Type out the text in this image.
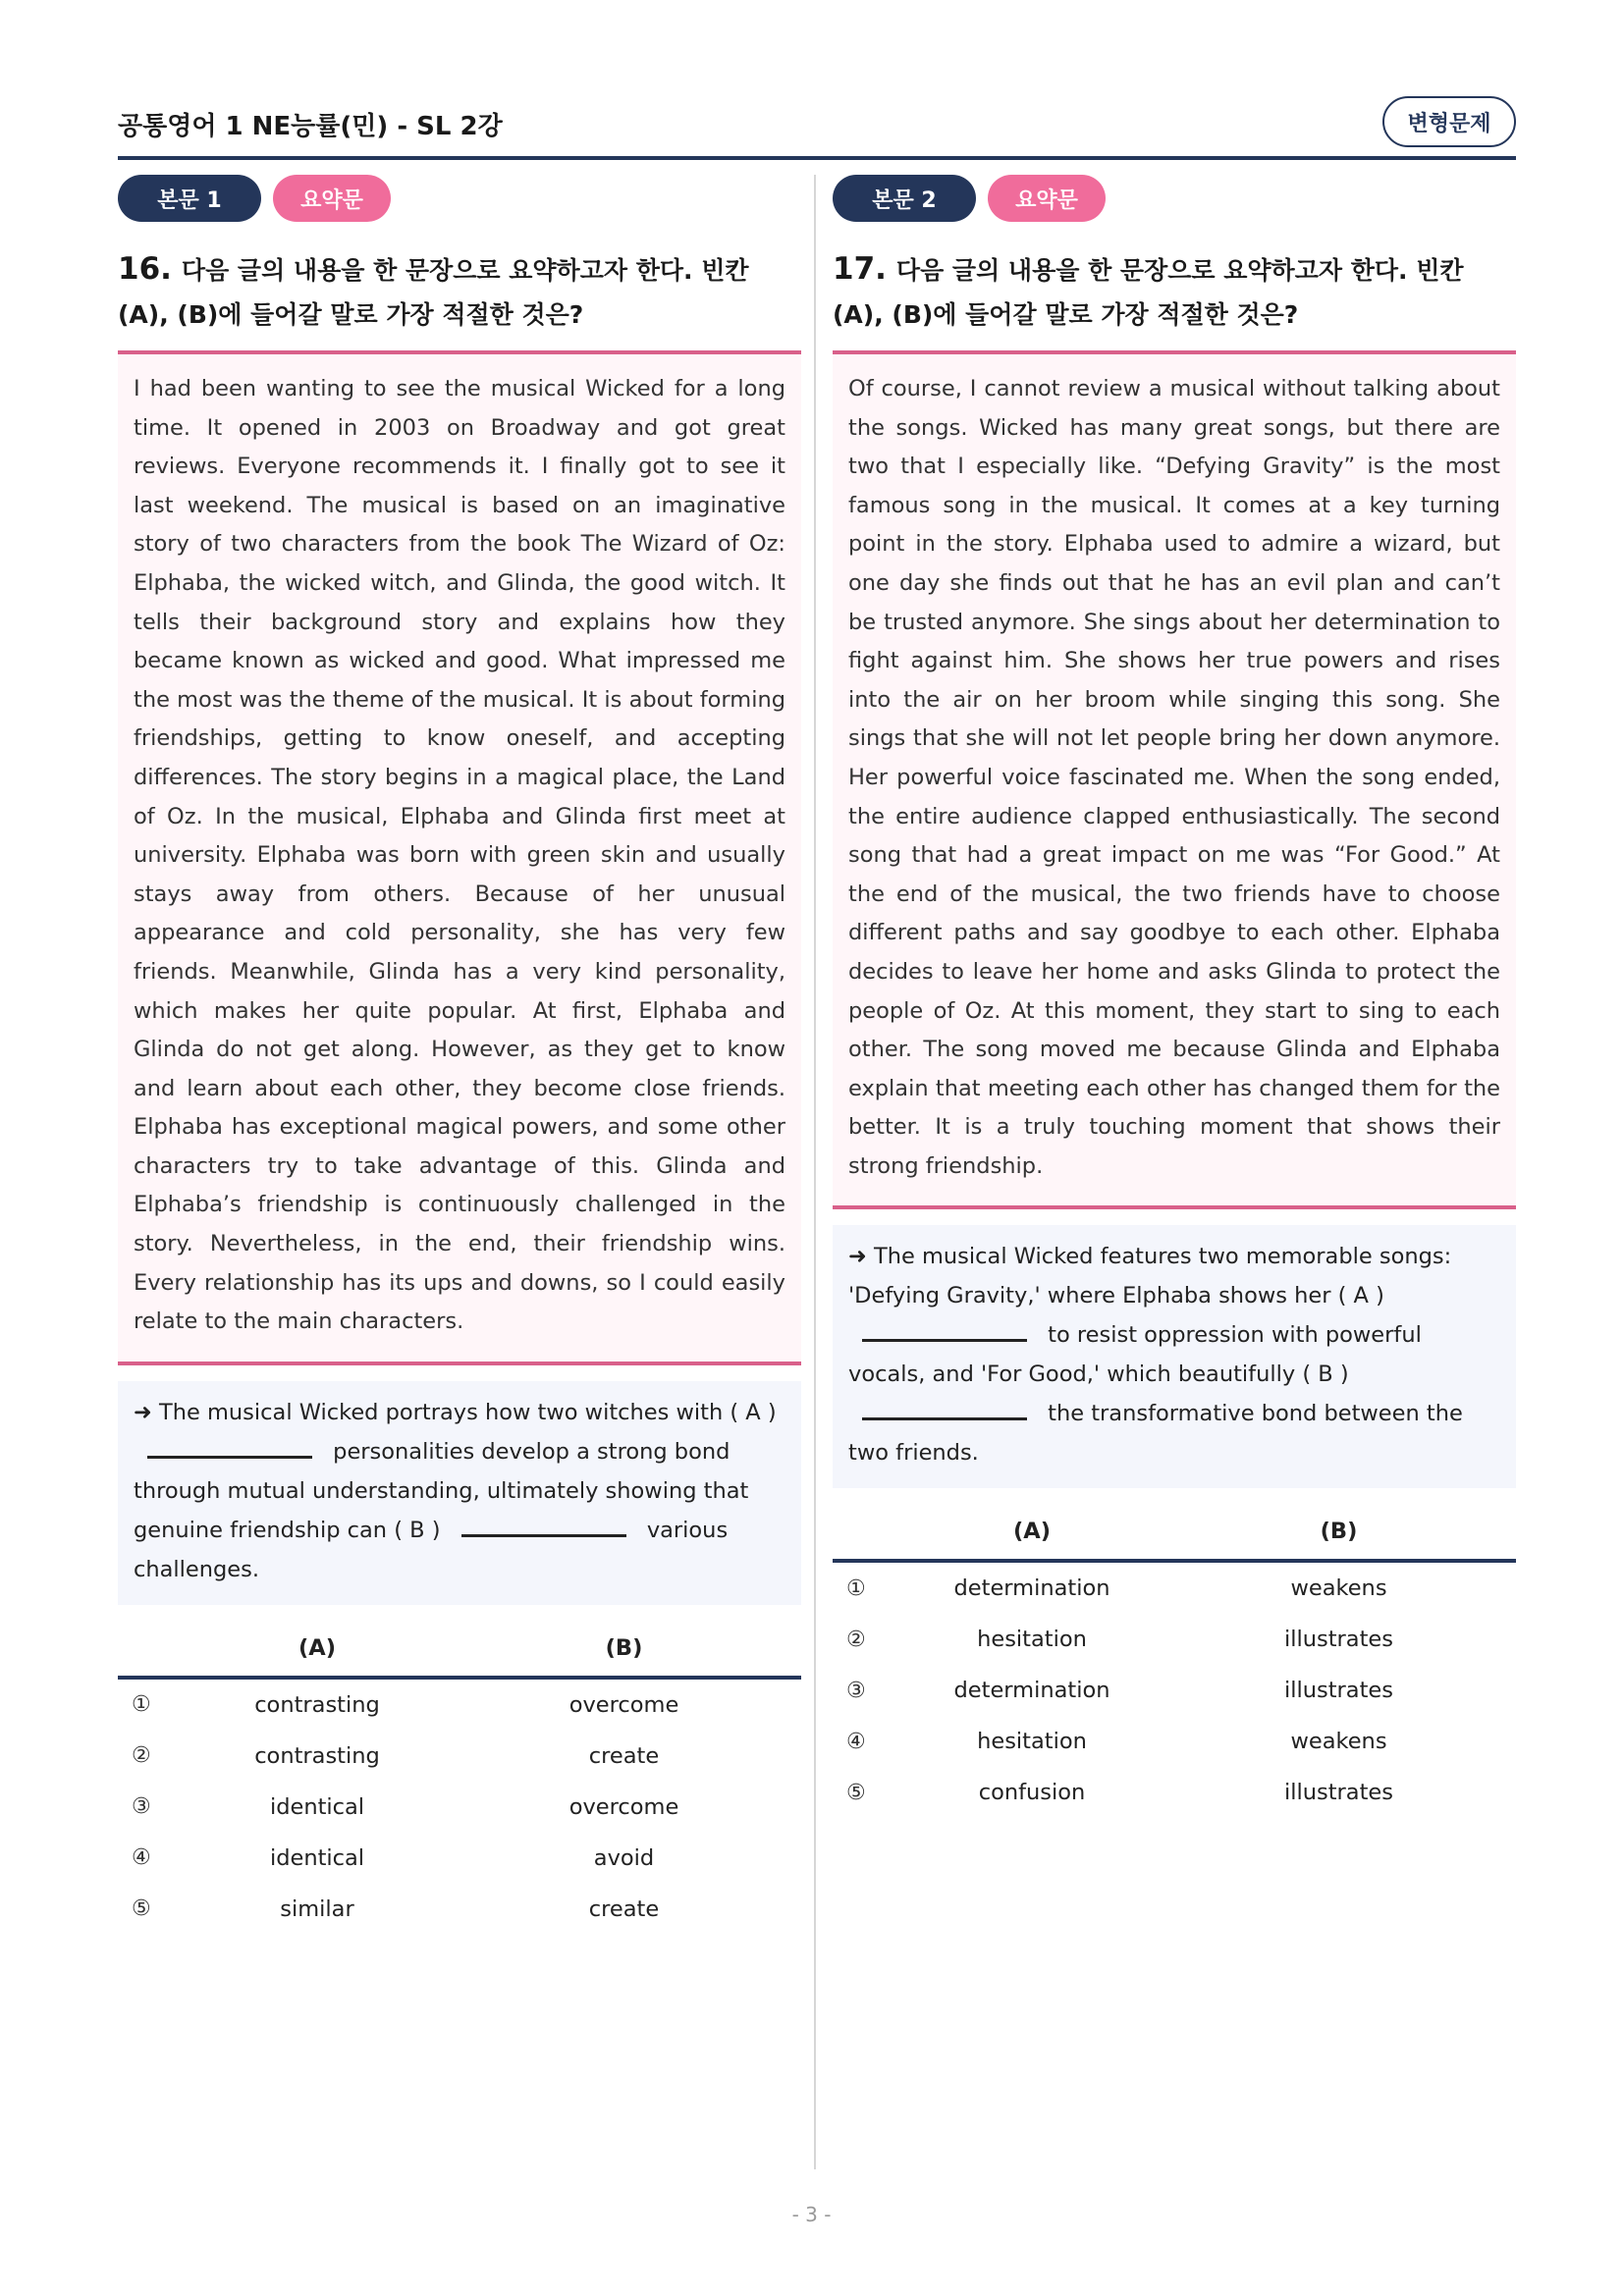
공통영어 1 NE능률(민) - SL 2강	변형문제
본문 1	요약문
16. 다음 글의 내용을 한 문장으로 요약하고자 한다. 빈칸 (A), (B)에 들어갈 말로 가장 적절한 것은?
I had been wanting to see the musical Wicked for a long time. It opened in 2003 on Broadway and got great reviews. Everyone recommends it. I finally got to see it last weekend. The musical is based on an imaginative story of two characters from the book The Wizard of Oz: Elphaba, the wicked witch, and Glinda, the good witch. It tells their background story and explains how they became known as wicked and good. What impressed me the most was the theme of the musical. It is about forming friendships, getting to know oneself, and accepting differences. The story begins in a magical place, the Land of Oz. In the musical, Elphaba and Glinda first meet at university. Elphaba was born with green skin and usually stays away from others. Because of her unusual appearance and cold personality, she has very few friends. Meanwhile, Glinda has a very kind personality, which makes her quite popular. At first, Elphaba and Glinda do not get along. However, as they get to know and learn about each other, they become close friends. Elphaba has exceptional magical powers, and some other characters try to take advantage of this. Glinda and Elphaba’s friendship is continuously challenged in the story. Nevertheless, in the end, their friendship wins. Every relationship has its ups and downs, so I could easily relate to the main characters.
➜ The musical Wicked portrays how two witches with ( A )  personalities develop a strong bond through mutual understanding, ultimately showing that genuine friendship can ( B )	various challenges.
	(A)	(B)
①	contrasting	overcome
②	contrasting	create
③	identical	overcome
④	identical	avoid
⑤	similar	create
본문 2	요약문
17. 다음 글의 내용을 한 문장으로 요약하고자 한다. 빈칸 (A), (B)에 들어갈 말로 가장 적절한 것은?
Of course, I cannot review a musical without talking about the songs. Wicked has many great songs, but there are two that I especially like. “Defying Gravity” is the most famous song in the musical. It comes at a key turning point in the story. Elphaba used to admire a wizard, but one day she finds out that he has an evil plan and can’t be trusted anymore. She sings about her determination to fight against him. She shows her true powers and rises into the air on her broom while singing this song. She sings that she will not let people bring her down anymore. Her powerful voice fascinated me. When the song ended, the entire audience clapped enthusiastically. The second song that had a great impact on me was “For Good.” At the end of the musical, the two friends have to choose different paths and say goodbye to each other. Elphaba decides to leave her home and asks Glinda to protect the people of Oz. At this moment, they start to sing to each other. The song moved me because Glinda and Elphaba explain that meeting each other has changed them for the better. It is a truly touching moment that shows their strong friendship.
➜ The musical Wicked features two memorable songs: 'Defying Gravity,' where Elphaba shows her ( A )  to resist oppression with powerful vocals, and 'For Good,' which beautifully ( B )  the transformative bond between the two friends.
	(A)	(B)
①	determination	weakens
②	hesitation	illustrates
③	determination	illustrates
④	hesitation	weakens
⑤	confusion	illustrates
- 3 -
